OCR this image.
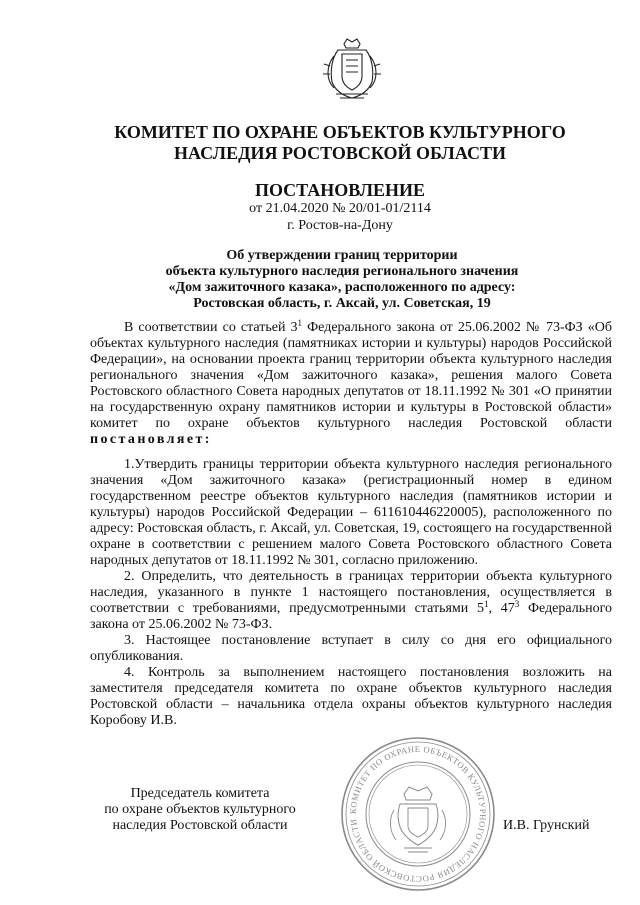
КОМИТЕТ ПО ОХРАНЕ ОБЪЕКТОВ КУЛЬТУРНОГО
НАСЛЕДИЯ РОСТОВСКОЙ ОБЛАСТИ
ПОСТАНОВЛЕНИЕ
от 21.04.2020 № 20/01-01/2114
г. Ростов-на-Дону
Об утверждении границ территории
объекта культурного наследия регионального значения
«Дом зажиточного казака», расположенного по адресу:
Ростовская область, г. Аксай, ул. Советская, 19

В соответствии со статьей $3^1$ Федерального закона от 25.06.2002 № 73-ФЗ «Об объектах культурного наследия (памятниках истории и культуры) народов Российской Федерации», на основании проекта границ территории объекта культурного наследия регионального значения «Дом зажиточного казака», решения малого Совета Ростовского областного Совета народных депутатов от 18.11.1992 № 301 «О принятии на государственную охрану памятников истории и культуры в Ростовской области» комитет по охране объектов культурного наследия Ростовской области постановляет:

1.Утвердить границы территории объекта культурного наследия регионального значения «Дом зажиточного казака» (регистрационный номер в едином государственном реестре объектов культурного наследия (памятников истории и культуры) народов Российской Федерации – 611610446220005), расположенного по адресу: Ростовская область, г. Аксай, ул. Советская, 19, состоящего на государственной охране в соответствии с решением малого Совета Ростовского областного Совета народных депутатов от 18.11.1992 № 301, согласно приложению.

2. Определить, что деятельность в границах территории объекта культурного наследия, указанного в пункте 1 настоящего постановления, осуществляется в соответствии с требованиями, предусмотренными статьями $5^1$, $47^3$ Федерального закона от 25.06.2002 № 73-ФЗ.

3. Настоящее постановление вступает в силу со дня его официального опубликования.

4. Контроль за выполнением настоящего постановления возложить на заместителя председателя комитета по охране объектов культурного наследия Ростовской области – начальника отдела охраны объектов культурного наследия Коробову И.В.

Председатель комитета
по охране объектов культурного
наследия Ростовской области
КОМИТЕТ ПО ОХРАНЕ ОБЪЕКТОВ КУЛЬТУРНОГО НАСЛЕДИЯ РОСТОВСКОЙ ОБЛАСТИ	И.В. Грунский
